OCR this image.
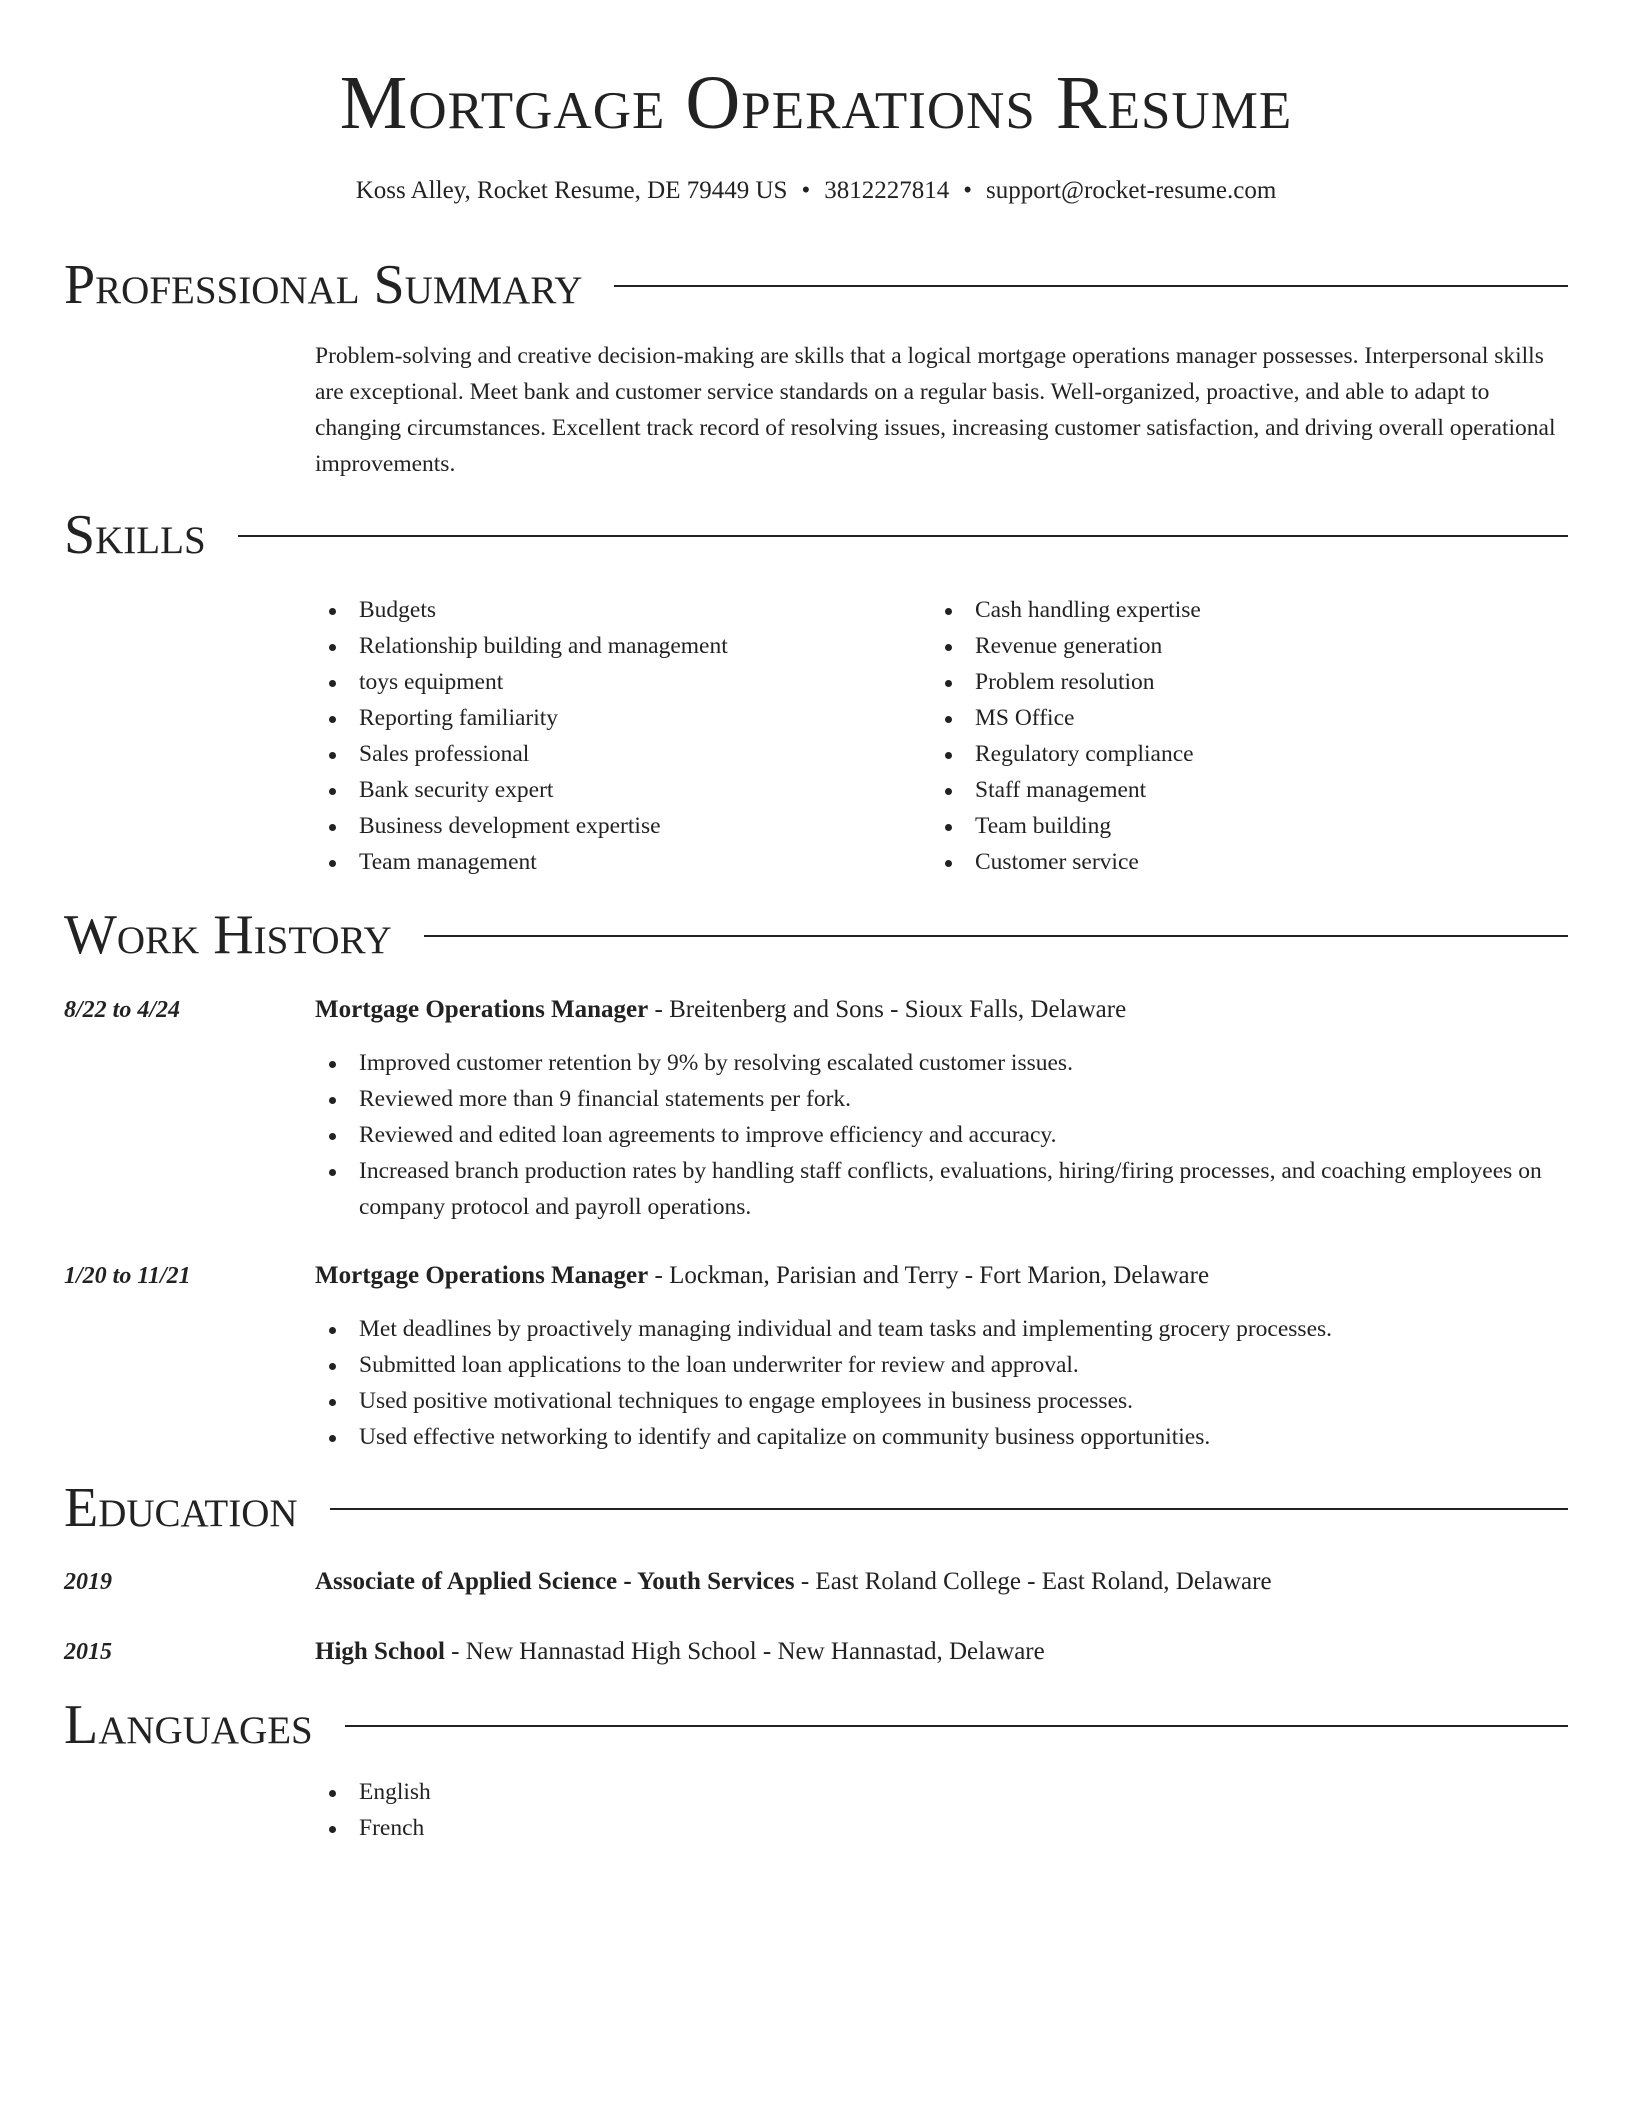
Mortgage Operations Resume
Koss Alley, Rocket Resume, DE 79449 US • 3812227814 • support@rocket-resume.com
Professional Summary
Problem-solving and creative decision-making are skills that a logical mortgage operations manager possesses. Interpersonal skills are exceptional. Meet bank and customer service standards on a regular basis. Well-organized, proactive, and able to adapt to changing circumstances. Excellent track record of resolving issues, increasing customer satisfaction, and driving overall operational improvements.
Skills
Budgets
Relationship building and management
toys equipment
Reporting familiarity
Sales professional
Bank security expert
Business development expertise
Team management
Cash handling expertise
Revenue generation
Problem resolution
MS Office
Regulatory compliance
Staff management
Team building
Customer service
Work History
8/22 to 4/24	Mortgage Operations Manager - Breitenberg and Sons - Sioux Falls, Delaware
Improved customer retention by 9% by resolving escalated customer issues.
Reviewed more than 9 financial statements per fork.
Reviewed and edited loan agreements to improve efficiency and accuracy.
Increased branch production rates by handling staff conflicts, evaluations, hiring/firing processes, and coaching employees on company protocol and payroll operations.
1/20 to 11/21	Mortgage Operations Manager - Lockman, Parisian and Terry - Fort Marion, Delaware
Met deadlines by proactively managing individual and team tasks and implementing grocery processes.
Submitted loan applications to the loan underwriter for review and approval.
Used positive motivational techniques to engage employees in business processes.
Used effective networking to identify and capitalize on community business opportunities.
Education
2019	Associate of Applied Science - Youth Services - East Roland College - East Roland, Delaware
2015	High School - New Hannastad High School - New Hannastad, Delaware
Languages
English
French
